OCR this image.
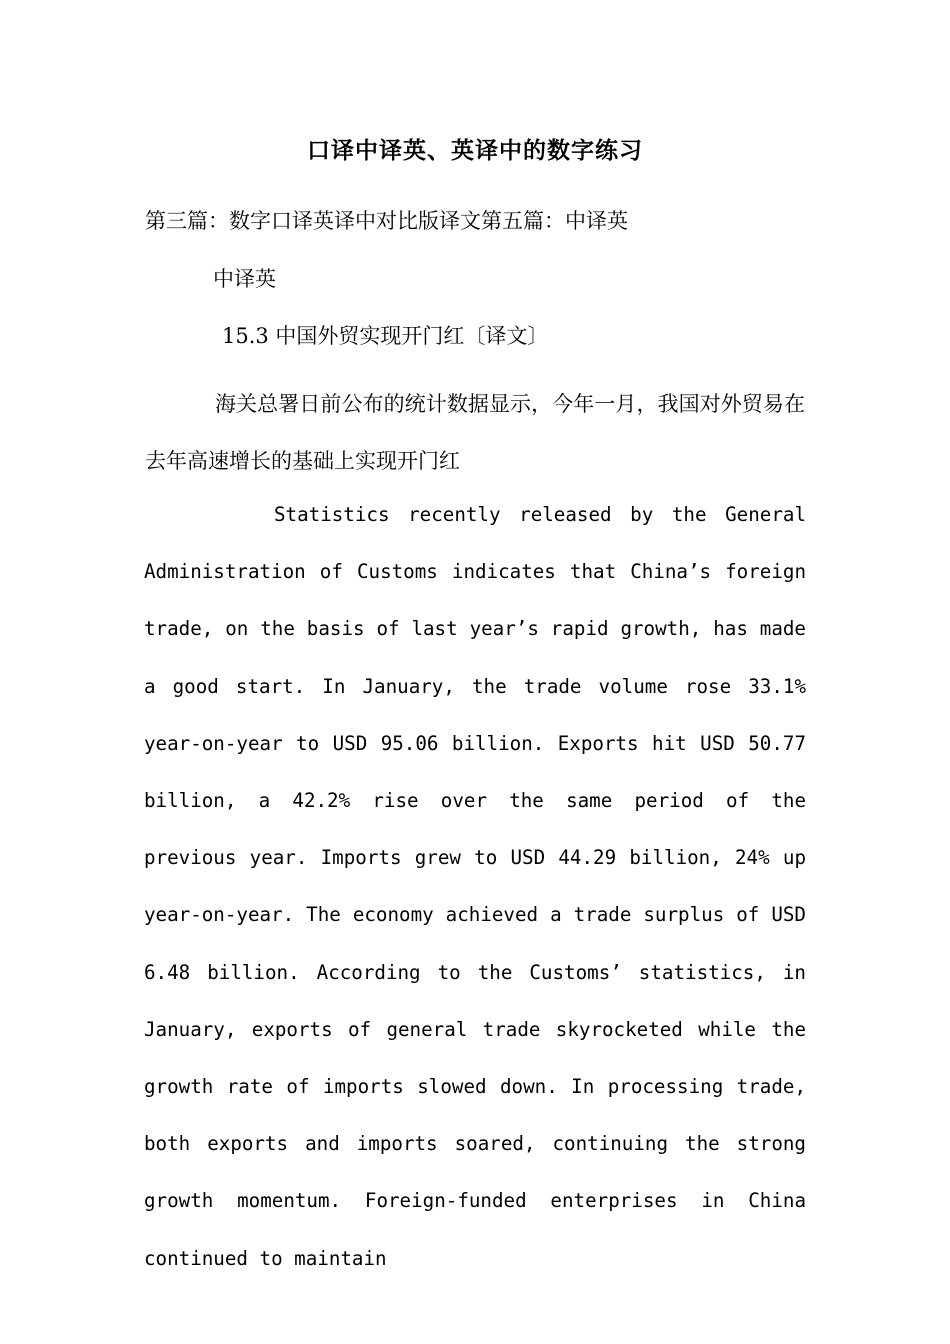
口译中译英、英译中的数字练习
第三篇：数字口译英译中对比版译文第五篇：中译英
中译英
15.3 中国外贸实现开门红〔译文〕
海关总署日前公布的统计数据显示，今年一月，我国对外贸易在去年高速增长的基础上实现开门红
Statistics recently released by the General Administration of Customs indicates that China’s foreign trade, on the basis of last year’s rapid growth, has made a good start. In January, the trade volume rose 33.1% year-on-year to USD 95.06 billion. Exports hit USD 50.77 billion, a 42.2% rise over the same period of the previous year. Imports grew to USD 44.29 billion, 24% up year-on-year. The economy achieved a trade surplus of USD 6.48 billion. According to the Customs’ statistics, in January, exports of general trade skyrocketed while the growth rate of imports slowed down. In processing trade, both exports and imports soared, continuing the strong growth momentum. Foreign-funded enterprises in China continued to maintain
